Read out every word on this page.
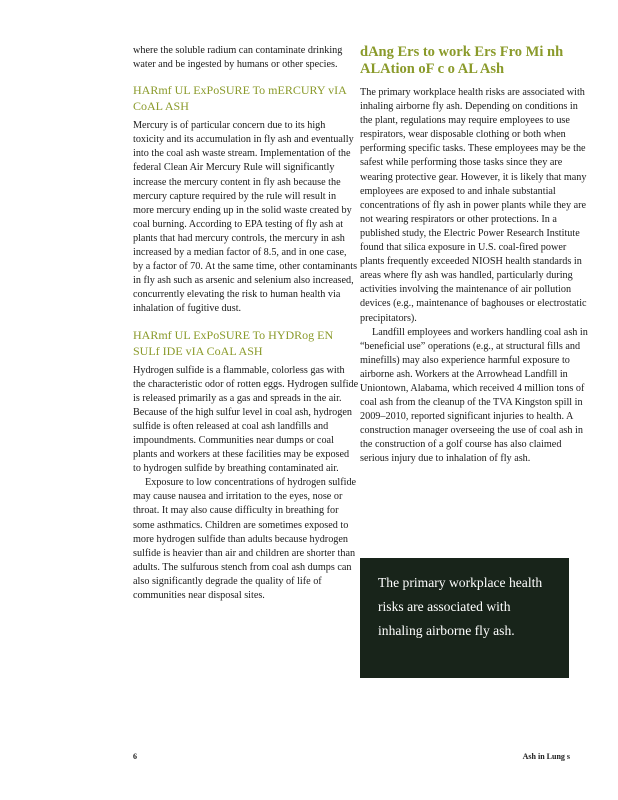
where the soluble radium can contaminate drinking water and be ingested by humans or other species.

HARmf UL ExPoSURE To mERCURY vIA CoAL ASH

Mercury is of particular concern due to its high toxicity and its accumulation in fly ash and eventually into the coal ash waste stream. Implementation of the federal Clean Air Mercury Rule will significantly increase the mercury content in fly ash because the mercury capture required by the rule will result in more mercury ending up in the solid waste created by coal burning. According to EPA testing of fly ash at plants that had mercury controls, the mercury in ash increased by a median factor of 8.5, and in one case, by a factor of 70. At the same time, other contaminants in fly ash such as arsenic and selenium also increased, concurrently elevating the risk to human health via inhalation of fugitive dust.

HARmf UL ExPoSURE To HYDRog EN SULf IDE vIA CoAL ASH

Hydrogen sulfide is a flammable, colorless gas with the characteristic odor of rotten eggs. Hydrogen sulfide is released primarily as a gas and spreads in the air. Because of the high sulfur level in coal ash, hydrogen sulfide is often released at coal ash landfills and impoundments. Communities near dumps or coal plants and workers at these facilities may be exposed to hydrogen sulfide by breathing contaminated air.

Exposure to low concentrations of hydrogen sulfide may cause nausea and irritation to the eyes, nose or throat. It may also cause difficulty in breathing for some asthmatics. Children are sometimes exposed to more hydrogen sulfide than adults because hydrogen sulfide is heavier than air and children are shorter than adults. The sulfurous stench from coal ash dumps can also significantly degrade the quality of life of communities near disposal sites.

dAng Ers to work Ers Fro Mi nh ALAtion oF c o AL Ash

The primary workplace health risks are associated with inhaling airborne fly ash. Depending on conditions in the plant, regulations may require employees to use respirators, wear disposable clothing or both when performing specific tasks. These employees may be the safest while performing those tasks since they are wearing protective gear. However, it is likely that many employees are exposed to and inhale substantial concentrations of fly ash in power plants while they are not wearing respirators or other protections. In a published study, the Electric Power Research Institute found that silica exposure in U.S. coal-fired power plants frequently exceeded NIOSH health standards in areas where fly ash was handled, particularly during activities involving the maintenance of air pollution devices (e.g., maintenance of baghouses or electrostatic precipitators).

Landfill employees and workers handling coal ash in “beneficial use” operations (e.g., at structural fills and minefills) may also experience harmful exposure to airborne ash. Workers at the Arrowhead Landfill in Uniontown, Alabama, which received 4 million tons of coal ash from the cleanup of the TVA Kingston spill in 2009–2010, reported significant injuries to health. A construction manager overseeing the use of coal ash in the construction of a golf course has also claimed serious injury due to inhalation of fly ash.

The primary workplace health risks are associated with inhaling airborne fly ash.
6	Ash in Lung s
